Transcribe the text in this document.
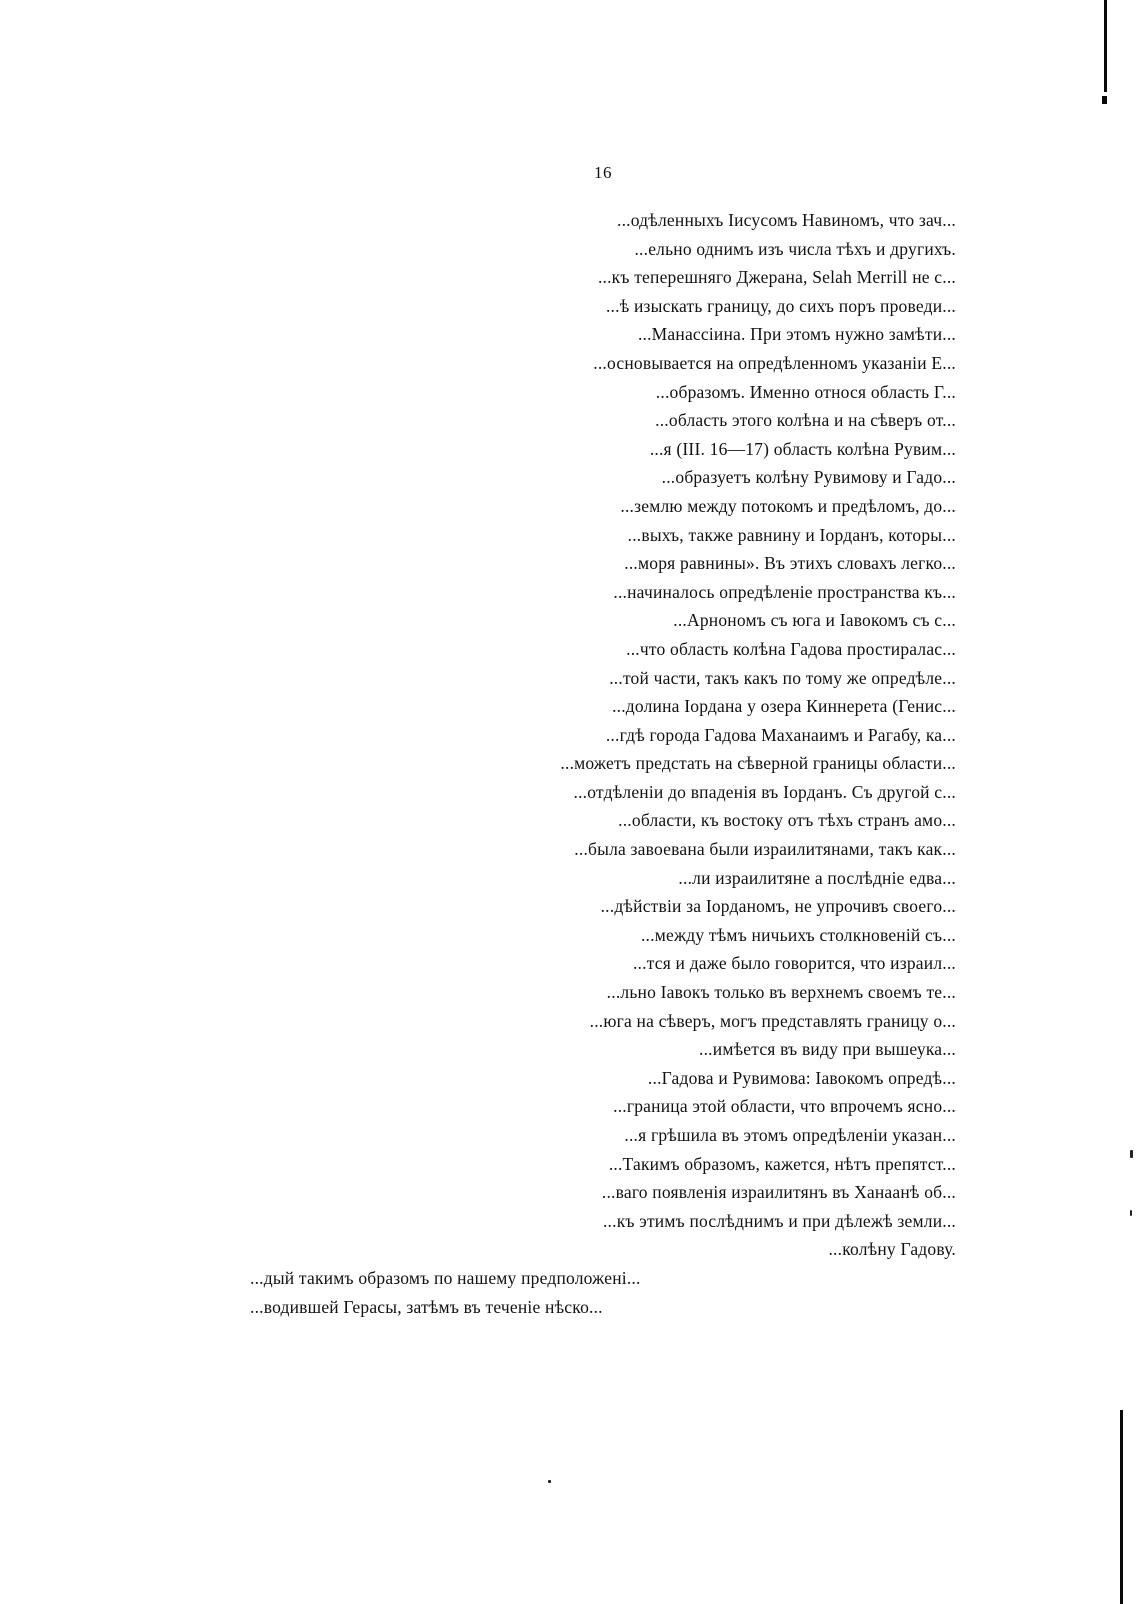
16
...одѣленныхъ Іисусомъ Навиномъ, что зач...
...ельно однимъ изъ числа тѣхъ и другихъ.
...къ теперешняго Джерана, Selah Merrill не с...
...ѣ изыскать границу, до сихъ поръ проведи...
...Манассіина. При этомъ нужно замѣти...
...основывается на опредѣленномъ указаніи Е...
...образомъ. Именно относя область Г...
...область этого колѣна и на сѣверъ от...
...я (III. 16—17) область колѣна Рувим...
...образуетъ колѣну Рувимову и Гадо...
...землю между потокомъ и предѣломъ, до...
...выхъ, также равнину и Іорданъ, которы...
...моря равнины». Въ этихъ словахъ легко...
...начиналось опредѣленіе пространства къ...
...Арнономъ съ юга и Іавокомъ съ с...
...что область колѣна Гадова простиралас...
...той части, такъ какъ по тому же опредѣле...
...долина Іордана у озера Киннерета (Генис...
...гдѣ города Гадова Маханаимъ и Рагабу, ка...
...можетъ предстать на сѣверной границы области...
...отдѣленіи до впаденія въ Іорданъ. Съ другой с...
...области, къ востоку отъ тѣхъ странъ амо...
...была завоевана были израилитянами, такъ как...
...ли израилитяне а послѣдніе едва...
...дѣйствіи за Іорданомъ, не упрочивъ своего...
...между тѣмъ ничьихъ столкновеній съ...
...тся и даже было говорится, что израил...
...льно Іавокъ только въ верхнемъ своемъ те...
...юга на сѣверъ, могъ представлять границу о...
...имѣется въ виду при вышеука...
...Гадова и Рувимова: Іавокомъ опредѣ...
...граница этой области, что впрочемъ ясно...
...я грѣшила въ этомъ опредѣленіи указан...
...Такимъ образомъ, кажется, нѣтъ препятст...
...ваго появленія израилитянъ въ Ханаанѣ об...
...къ этимъ послѣднимъ и при дѣлежѣ земли...
...колѣну Гадову.
...дый такимъ образомъ по нашему предположені...
...водившей Герасы, затѣмъ въ теченіе нѣско...
